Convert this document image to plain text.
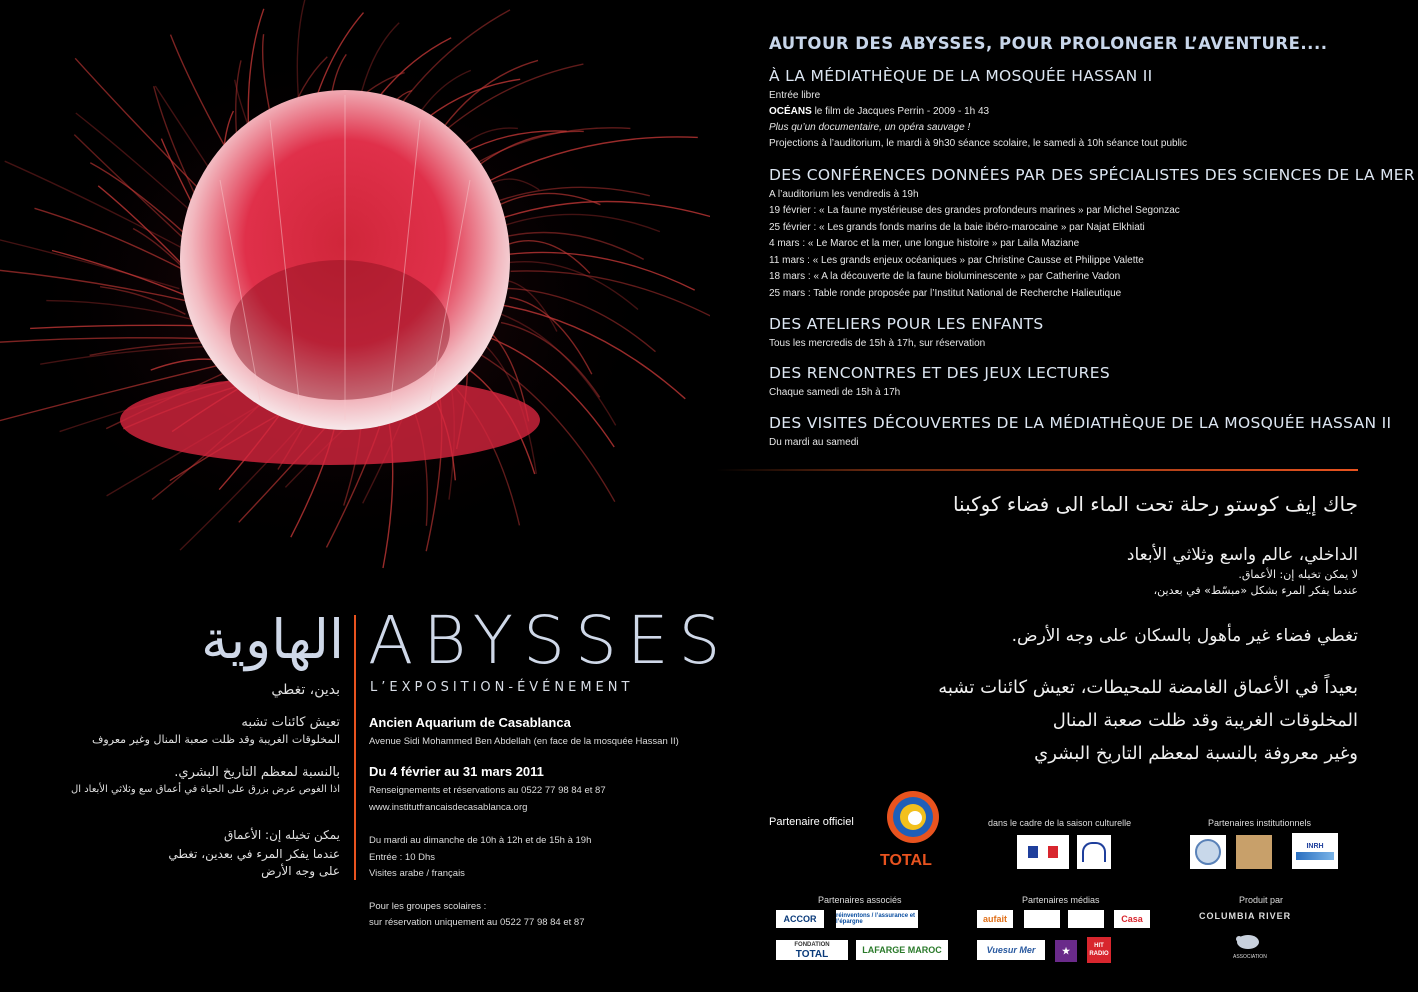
الهاوية ABYSSES
L’EXPOSITION-ÉVÉNEMENT
بدين، تغطي
تعيش كائنات تشبه
المخلوقات الغريبة وقد ظلت صعبة المنال وغير معروف
بالنسبة لمعظم التاريخ البشري.
اذا الغوص عرض بزرق على الحياة في أعماق سع وثلاثي الأبعاد ال
يمكن تخيله إن: الأعماق
عندما يفكر المرء في بعدين، تغطي
على وجه الأرض
Ancien Aquarium de Casablanca
Avenue Sidi Mohammed Ben Abdellah (en face de la mosquée Hassan II)
Du 4 février au 31 mars 2011
Renseignements et réservations au 0522 77 98 84 et 87
www.institutfrancaisdecasablanca.org
Du mardi au dimanche de 10h à 12h et de 15h à 19h
Entrée : 10 Dhs
Visites arabe / français
Pour les groupes scolaires :
sur réservation uniquement au 0522 77 98 84 et 87
AUTOUR DES ABYSSES, POUR PROLONGER L’AVENTURE....
À LA MÉDIATHÈQUE DE LA MOSQUÉE HASSAN II
Entrée libre
OCÉANS le film de Jacques Perrin - 2009 - 1h 43
Plus qu’un documentaire, un opéra sauvage !
Projections à l’auditorium, le mardi à 9h30 séance scolaire, le samedi à 10h séance tout public
DES CONFÉRENCES DONNÉES PAR DES SPÉCIALISTES DES SCIENCES DE LA MER
A l’auditorium les vendredis à 19h
19 février : « La faune mystérieuse des grandes profondeurs marines » par Michel Segonzac
25 février : « Les grands fonds marins de la baie ibéro-marocaine » par Najat Elkhiati
4 mars : « Le Maroc et la mer, une longue histoire » par Laila Maziane
11 mars : « Les grands enjeux océaniques » par Christine Causse et Philippe Valette
18 mars : « A la découverte de la faune bioluminescente » par Catherine Vadon
25 mars : Table ronde proposée par l’Institut National de Recherche Halieutique
DES ATELIERS POUR LES ENFANTS
Tous les mercredis de 15h à 17h, sur réservation
DES RENCONTRES ET DES JEUX LECTURES
Chaque samedi de 15h à 17h
DES VISITES DÉCOUVERTES DE LA MÉDIATHÈQUE DE LA MOSQUÉE HASSAN II
Du mardi au samedi
جاك إيف كوستو رحلة تحت الماء الى فضاء كوكبنا
الداخلي، عالم واسع وثلاثي الأبعاد
لا يمكن تخيله إن: الأعماق.
عندما يفكر المرء بشكل «مبسّط» في بعدين،
تغطي فضاء غير مأهول بالسكان على وجه الأرض.
بعيداً في الأعماق الغامضة للمحيطات، تعيش كائنات تشبه
المخلوقات الغريبة وقد ظلت صعبة المنال
وغير معروفة بالنسبة لمعظم التاريخ البشري
Partenaire officiel
TOTAL
dans le cadre de la saison culturelle	Partenaires institutionnels
INRH
Partenaires associés
ACCOR	réinventons / l’assurance et l’épargne
FONDATION
TOTAL	LAFARGE MAROC
Partenaires médias
aufait	Casa
Vuesur Mer	★	HIT RADIO
Produit par
COLUMBIA RIVER
ASSOCIATION
